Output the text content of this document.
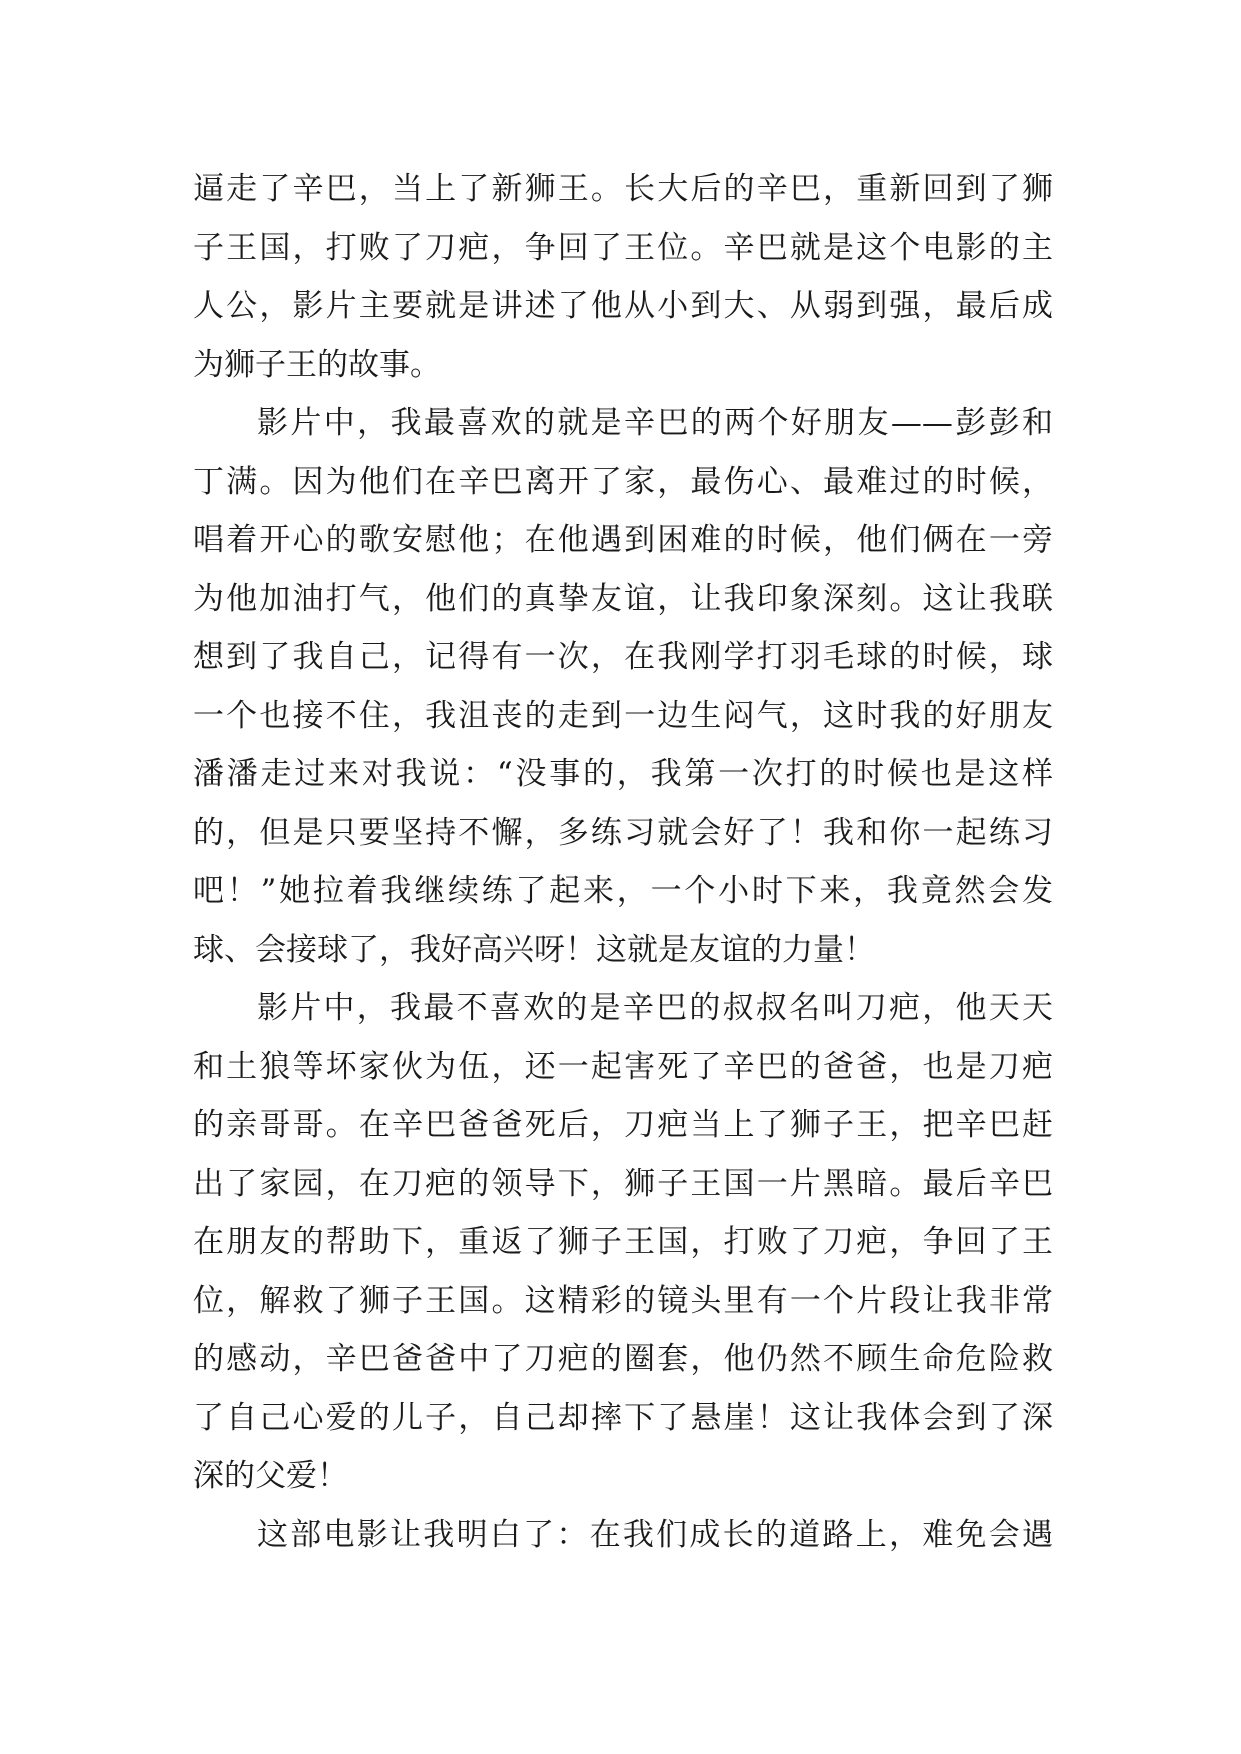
逼走了辛巴，当上了新狮王。长大后的辛巴，重新回到了狮
子王国，打败了刀疤，争回了王位。辛巴就是这个电影的主
人公，影片主要就是讲述了他从小到大、从弱到强，最后成
为狮子王的故事。
影片中，我最喜欢的就是辛巴的两个好朋友——彭彭和
丁满。因为他们在辛巴离开了家，最伤心、最难过的时候，
唱着开心的歌安慰他；在他遇到困难的时候，他们俩在一旁
为他加油打气，他们的真挚友谊，让我印象深刻。这让我联
想到了我自己，记得有一次，在我刚学打羽毛球的时候，球
一个也接不住，我沮丧的走到一边生闷气，这时我的好朋友
潘潘走过来对我说：“没事的，我第一次打的时候也是这样
的，但是只要坚持不懈，多练习就会好了！我和你一起练习
吧！”她拉着我继续练了起来，一个小时下来，我竟然会发
球、会接球了，我好高兴呀！这就是友谊的力量！
影片中，我最不喜欢的是辛巴的叔叔名叫刀疤，他天天
和土狼等坏家伙为伍，还一起害死了辛巴的爸爸，也是刀疤
的亲哥哥。在辛巴爸爸死后，刀疤当上了狮子王，把辛巴赶
出了家园，在刀疤的领导下，狮子王国一片黑暗。最后辛巴
在朋友的帮助下，重返了狮子王国，打败了刀疤，争回了王
位，解救了狮子王国。这精彩的镜头里有一个片段让我非常
的感动，辛巴爸爸中了刀疤的圈套，他仍然不顾生命危险救
了自己心爱的儿子，自己却摔下了悬崖！这让我体会到了深
深的父爱！
这部电影让我明白了：在我们成长的道路上，难免会遇
